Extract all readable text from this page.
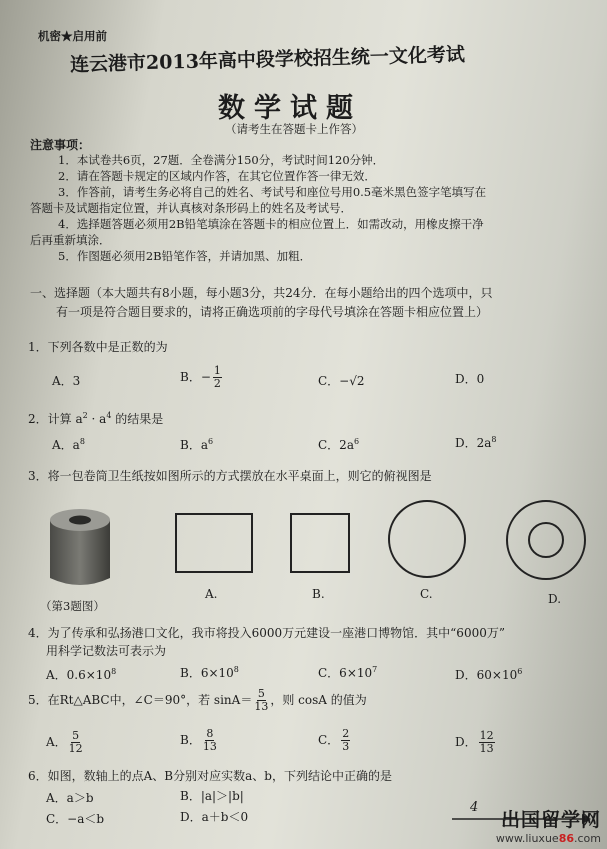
机密★启用前
连云港市2013年高中段学校招生统一文化考试
数学试题
（请考生在答题卡上作答）
注意事项：
1．本试卷共6页，27题．全卷满分150分，考试时间120分钟．
2．请在答题卡规定的区域内作答，在其它位置作答一律无效．
3．作答前，请考生务必将自己的姓名、考试号和座位号用0.5毫米黑色签字笔填写在
答题卡及试题指定位置，并认真核对条形码上的姓名及考试号．
4．选择题答题必须用2B铅笔填涂在答题卡的相应位置上．如需改动，用橡皮擦干净
后再重新填涂．
5．作图题必须用2B铅笔作答，并请加黑、加粗．
一、选择题（本大题共有8小题，每小题3分，共24分．在每小题给出的四个选项中，只
有一项是符合题目要求的，请将正确选项前的字母代号填涂在答题卡相应位置上）
1．下列各数中是正数的为
A．3	B．− $\frac{1}{2}$	C．−√2	D．0
2．计算 $a^2 \cdot a^4$ 的结果是
A．$a^8$	B．$a^6$	C．$2a^6$	D．$2a^8$
3．将一包卷筒卫生纸按如图所示的方式摆放在水平桌面上，则它的俯视图是
（第3题图）
A.	B.	C.	D.
4．为了传承和弘扬港口文化，我市将投入6000万元建设一座港口博物馆．其中“6000万”
用科学记数法可表示为
A．$0.6\times 10^8$	B．$6\times 10^8$	C．$6\times 10^7$	D．$60\times 10^6$
5．在Rt△ABC中，∠C＝90°，若 $\sin A= \frac{5}{13}$ ，则 cosA 的值为
A． $\frac{5}{12}$	B． $\frac{8}{13}$	C． $\frac{2}{3}$	D． $\frac{12}{13}$
6．如图，数轴上的点A、B分别对应实数a、b，下列结论中正确的是
A．a＞b	B．|a|＞|b|
C．−a＜b	D．a＋b＜0
4
出国留学网
www.liuxue86.com
